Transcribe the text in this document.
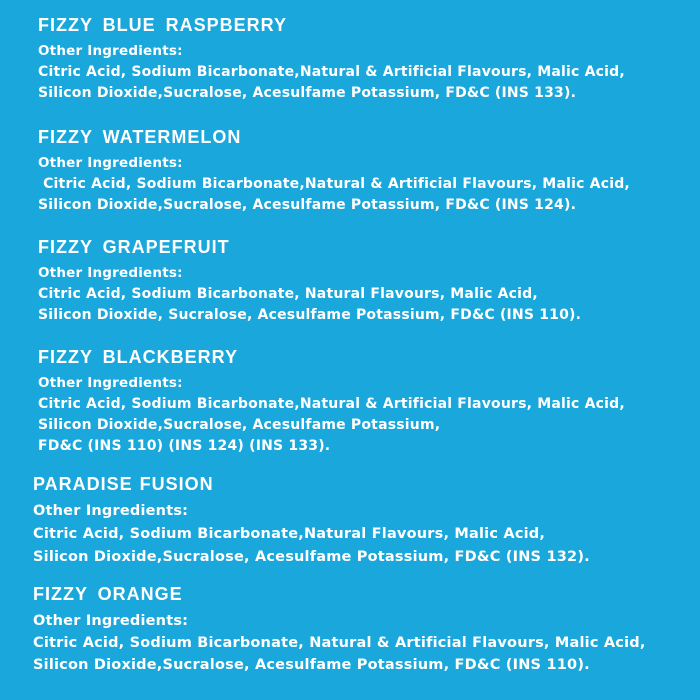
FIZZY BLUE RASPBERRY
Other Ingredients:
Citric Acid, Sodium Bicarbonate,Natural & Artificial Flavours, Malic Acid,
Silicon Dioxide,Sucralose, Acesulfame Potassium, FD&C (INS 133).
FIZZY WATERMELON
Other Ingredients:
Citric Acid, Sodium Bicarbonate,Natural & Artificial Flavours, Malic Acid,
Silicon Dioxide,Sucralose, Acesulfame Potassium, FD&C (INS 124).
FIZZY GRAPEFRUIT
Other Ingredients:
Citric Acid, Sodium Bicarbonate, Natural Flavours, Malic Acid,
Silicon Dioxide, Sucralose, Acesulfame Potassium, FD&C (INS 110).
FIZZY BLACKBERRY
Other Ingredients:
Citric Acid, Sodium Bicarbonate,Natural & Artificial Flavours, Malic Acid,
Silicon Dioxide,Sucralose, Acesulfame Potassium,
FD&C (INS 110) (INS 124) (INS 133).
PARADISE FUSION
Other Ingredients:
Citric Acid, Sodium Bicarbonate,Natural Flavours, Malic Acid,
Silicon Dioxide,Sucralose, Acesulfame Potassium, FD&C (INS 132).
FIZZY ORANGE
Other Ingredients:
Citric Acid, Sodium Bicarbonate, Natural & Artificial Flavours, Malic Acid,
Silicon Dioxide,Sucralose, Acesulfame Potassium, FD&C (INS 110).
